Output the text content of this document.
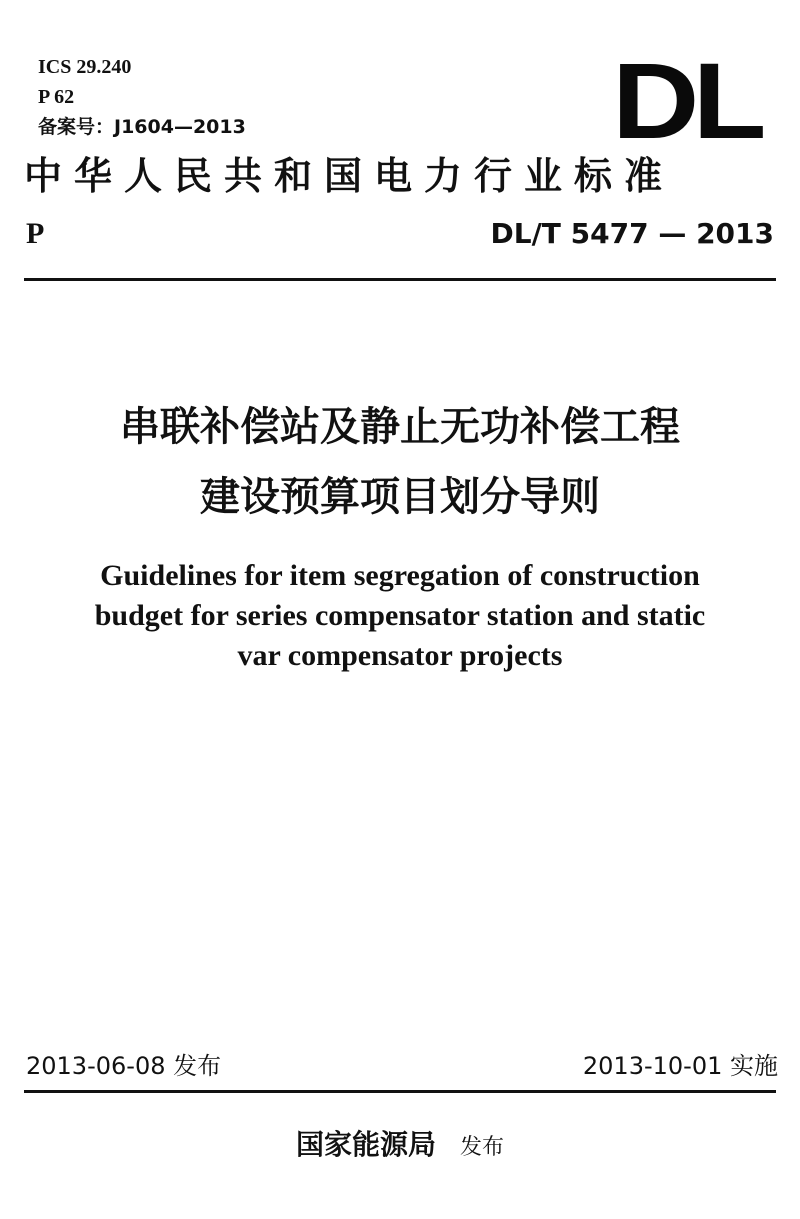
ICS 29.240
P 62
备案号：J1604—2013	DL
中华人民共和国电力行业标准
P	DL/T 5477 — 2013
串联补偿站及静止无功补偿工程
建设预算项目划分导则
Guidelines for item segregation of construction
budget for series compensator station and static
var compensator projects
2013-06-08 发布	2013-10-01 实施
国家能源局 发布
